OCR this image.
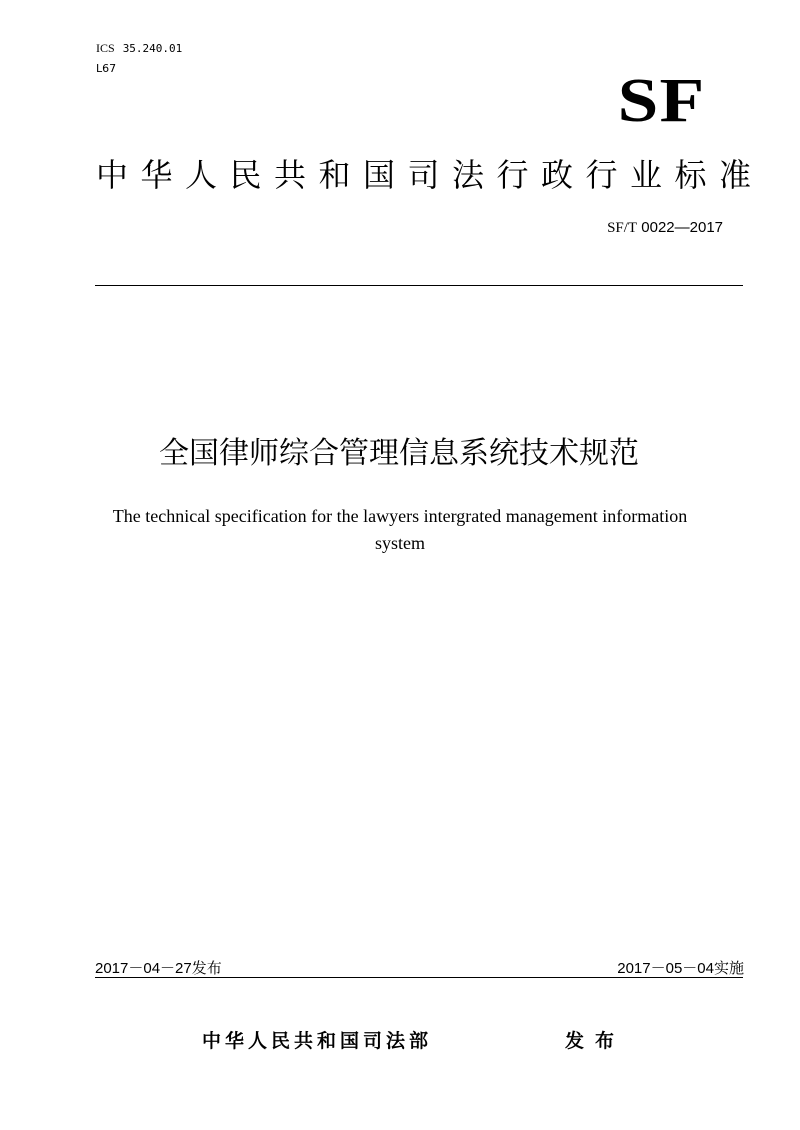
ICS 35.240.01
L67	SF
中华人民共和国司法行政行业标准
SF/T 0022—2017
全国律师综合管理信息系统技术规范
The technical specification for the lawyers intergrated management information system
2017－04－27发布	2017－05－04实施
中华人民共和国司法部	发布
